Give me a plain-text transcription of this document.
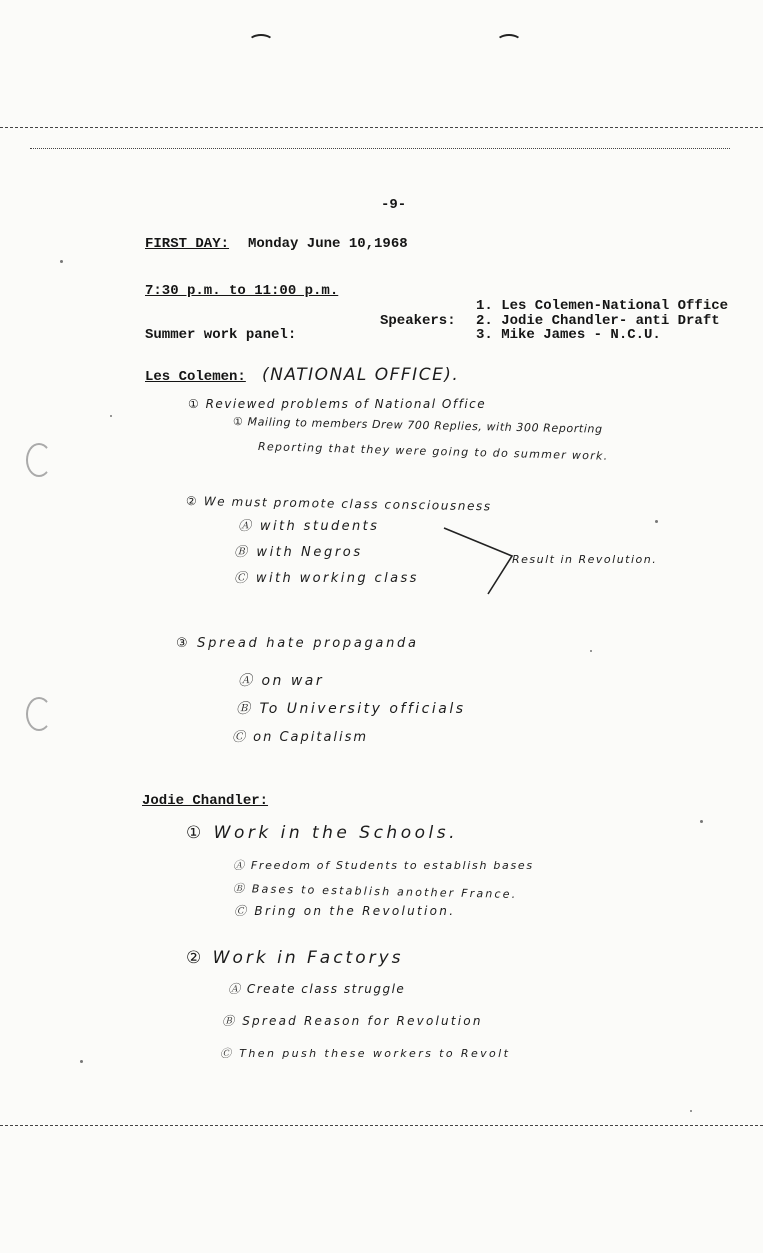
-9-
FIRST DAY: Monday June 10,1968
7:30 p.m. to 11:00 p.m.
1. Les Colemen-National Office
Speakers: 2. Jodie Chandler- anti Draft
Summer work panel:	3. Mike James - N.C.U.
Les Colemen: (NATIONAL OFFICE).
① Reviewed problems of National Office
① Mailing to members Drew 700 Replies, with 300 Reporting
Reporting that they were going to do summer work.
② We must promote class consciousness
Ⓐ with students
Ⓑ with Negros
Ⓒ with working class
Result in Revolution.
③ Spread hate propaganda
Ⓐ on war
Ⓑ To University officials
Ⓒ on Capitalism
Jodie Chandler:
① Work in the Schools.
Ⓐ Freedom of Students to establish bases
Ⓑ Bases to establish another France.
Ⓒ Bring on the Revolution.
② Work in Factorys
Ⓐ Create class struggle
Ⓑ Spread Reason for Revolution
Ⓒ Then push these workers to Revolt
